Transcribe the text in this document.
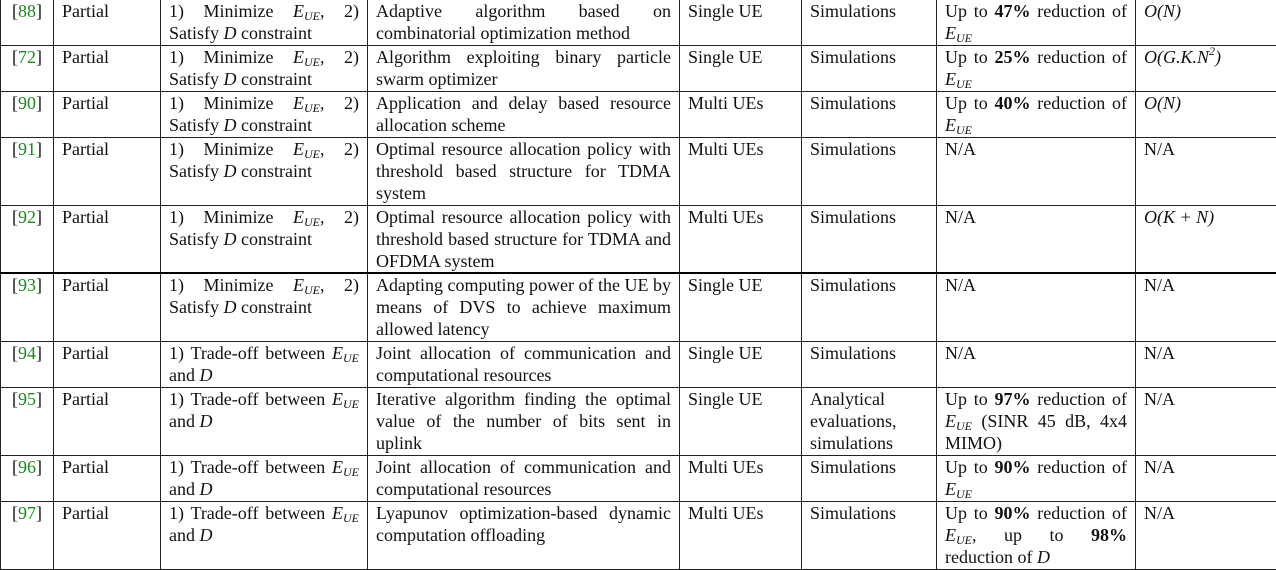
[88]	Partial	1) Minimize $E_{UE}$, 2) Satisfy D constraint	Adaptive algorithm based on combinatorial optimization method	Single UE	Simulations	Up to 47% reduction of $E_{UE}$	O(N)
[72]	Partial	1) Minimize $E_{UE}$, 2) Satisfy D constraint	Algorithm exploiting binary particle swarm optimizer	Single UE	Simulations	Up to 25% reduction of $E_{UE}$	$O(G.K.N^2)$
[90]	Partial	1) Minimize $E_{UE}$, 2) Satisfy D constraint	Application and delay based resource allocation scheme	Multi UEs	Simulations	Up to 40% reduction of $E_{UE}$	O(N)
[91]	Partial	1) Minimize $E_{UE}$, 2) Satisfy D constraint	Optimal resource allocation policy with threshold based structure for TDMA system	Multi UEs	Simulations	N/A	N/A
[92]	Partial	1) Minimize $E_{UE}$, 2) Satisfy D constraint	Optimal resource allocation policy with threshold based structure for TDMA and OFDMA system	Multi UEs	Simulations	N/A	O(K + N)
[93]	Partial	1) Minimize $E_{UE}$, 2) Satisfy D constraint	Adapting computing power of the UE by means of DVS to achieve maximum allowed latency	Single UE	Simulations	N/A	N/A
[94]	Partial	1) Trade-off between $E_{UE}$ and D	Joint allocation of communication and computational resources	Single UE	Simulations	N/A	N/A
[95]	Partial	1) Trade-off between $E_{UE}$ and D	Iterative algorithm finding the optimal value of the number of bits sent in uplink	Single UE	Analytical evaluations, simulations	Up to 97% reduction of $E_{UE}$ (SINR 45 dB, 4x4 MIMO)	N/A
[96]	Partial	1) Trade-off between $E_{UE}$ and D	Joint allocation of communication and computational resources	Multi UEs	Simulations	Up to 90% reduction of $E_{UE}$	N/A
[97]	Partial	1) Trade-off between $E_{UE}$ and D	Lyapunov optimization-based dynamic computation offloading	Multi UEs	Simulations	Up to 90% reduction of $E_{UE}$, up to 98% reduction of D	N/A
